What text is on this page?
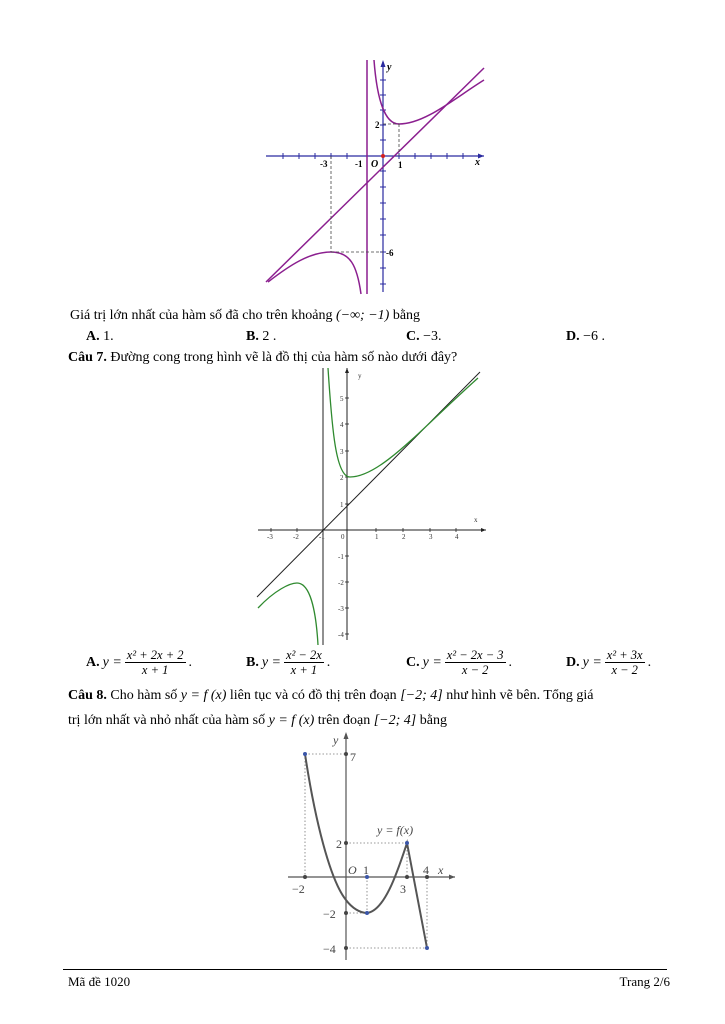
y
x
O
-3	-1	1
2
-6
Giá trị lớn nhất của hàm số đã cho trên khoảng (−∞; −1) bằng
A. 1.	B. 2 .	C. −3.	D. −6 .
Câu 7. Đường cong trong hình vẽ là đồ thị của hàm số nào dưới đây?
y
x
-3	-2	-1 0	1	2	3	4
5
4
3
2
1
-1
-2
-3
-4
A. $y = \frac{\text{x² + 2x + 2}}{x + 1}$ .	B. $y = \frac{\text{x² − 2x}}{x + 1}$ .	C. $y = \frac{\text{x² − 2x − 3}}{x - 2}$ .	D. $y = \frac{\text{x² + 3x}}{x - 2}$ .
Câu 8. Cho hàm số y = f (x) liên tục và có đồ thị trên đoạn [−2; 4] như hình vẽ bên. Tổng giá
trị lớn nhất và nhỏ nhất của hàm số y = f (x) trên đoạn [−2; 4] bằng
y
x
O
y = f(x)
7
2
−2
−4
−2
1
3
4
Mã đề 1020	Trang 2/6
